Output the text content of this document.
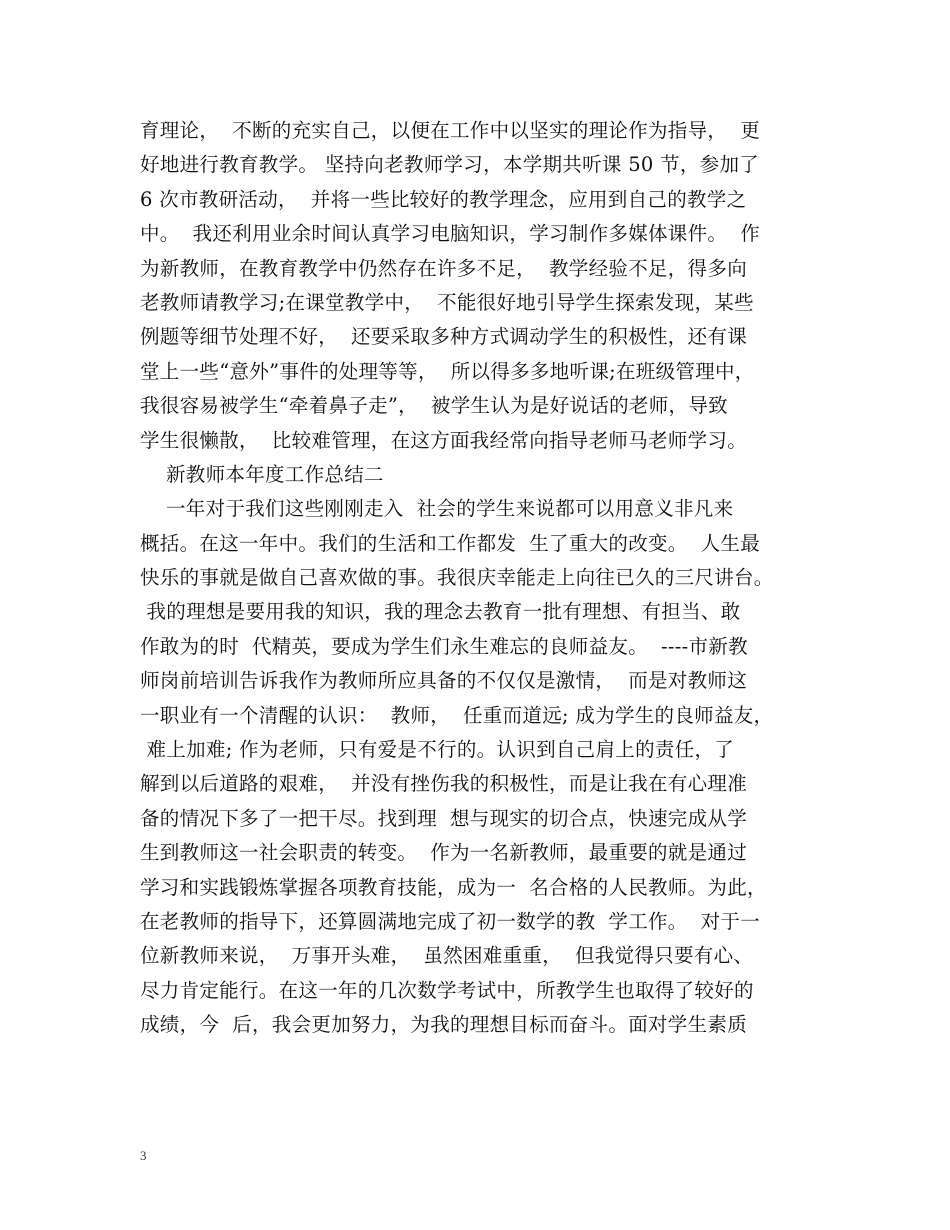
育理论，  不断的充实自己，以便在工作中以坚实的理论作为指导，  更
好地进行教育教学。 坚持向老教师学习，本学期共听课 50 节，参加了
6 次市教研活动，  并将一些比较好的教学理念，应用到自己的教学之
中。  我还利用业余时间认真学习电脑知识，学习制作多媒体课件。  作
为新教师，在教育教学中仍然存在许多不足，  教学经验不足，得多向
老教师请教学习;在课堂教学中，  不能很好地引导学生探索发现，某些
例题等细节处理不好，  还要采取多种方式调动学生的积极性，还有课
堂上一些“意外”事件的处理等等，  所以得多多地听课;在班级管理中，
我很容易被学生“牵着鼻子走”，  被学生认为是好说话的老师，导致
学生很懒散，  比较难管理，在这方面我经常向指导老师马老师学习。
新教师本年度工作总结二
一年对于我们这些刚刚走入  社会的学生来说都可以用意义非凡来
概括。在这一年中。我们的生活和工作都发  生了重大的改变。  人生最
快乐的事就是做自己喜欢做的事。我很庆幸能走上向往已久的三尺讲台。
我的理想是要用我的知识，我的理念去教育一批有理想、有担当、敢
作敢为的时  代精英，要成为学生们永生难忘的良师益友。  ----市新教
师岗前培训告诉我作为教师所应具备的不仅仅是激情，  而是对教师这
一职业有一个清醒的认识：  教师，  任重而道远; 成为学生的良师益友，
难上加难; 作为老师，只有爱是不行的。认识到自己肩上的责任，了
解到以后道路的艰难，  并没有挫伤我的积极性，而是让我在有心理准
备的情况下多了一把干尽。找到理  想与现实的切合点，快速完成从学
生到教师这一社会职责的转变。  作为一名新教师，最重要的就是通过
学习和实践锻炼掌握各项教育技能，成为一  名合格的人民教师。为此，
在老教师的指导下，还算圆满地完成了初一数学的教  学工作。  对于一
位新教师来说，  万事开头难，  虽然困难重重，  但我觉得只要有心、
尽力肯定能行。在这一年的几次数学考试中，所教学生也取得了较好的
成绩，今  后，我会更加努力，为我的理想目标而奋斗。面对学生素质
3
